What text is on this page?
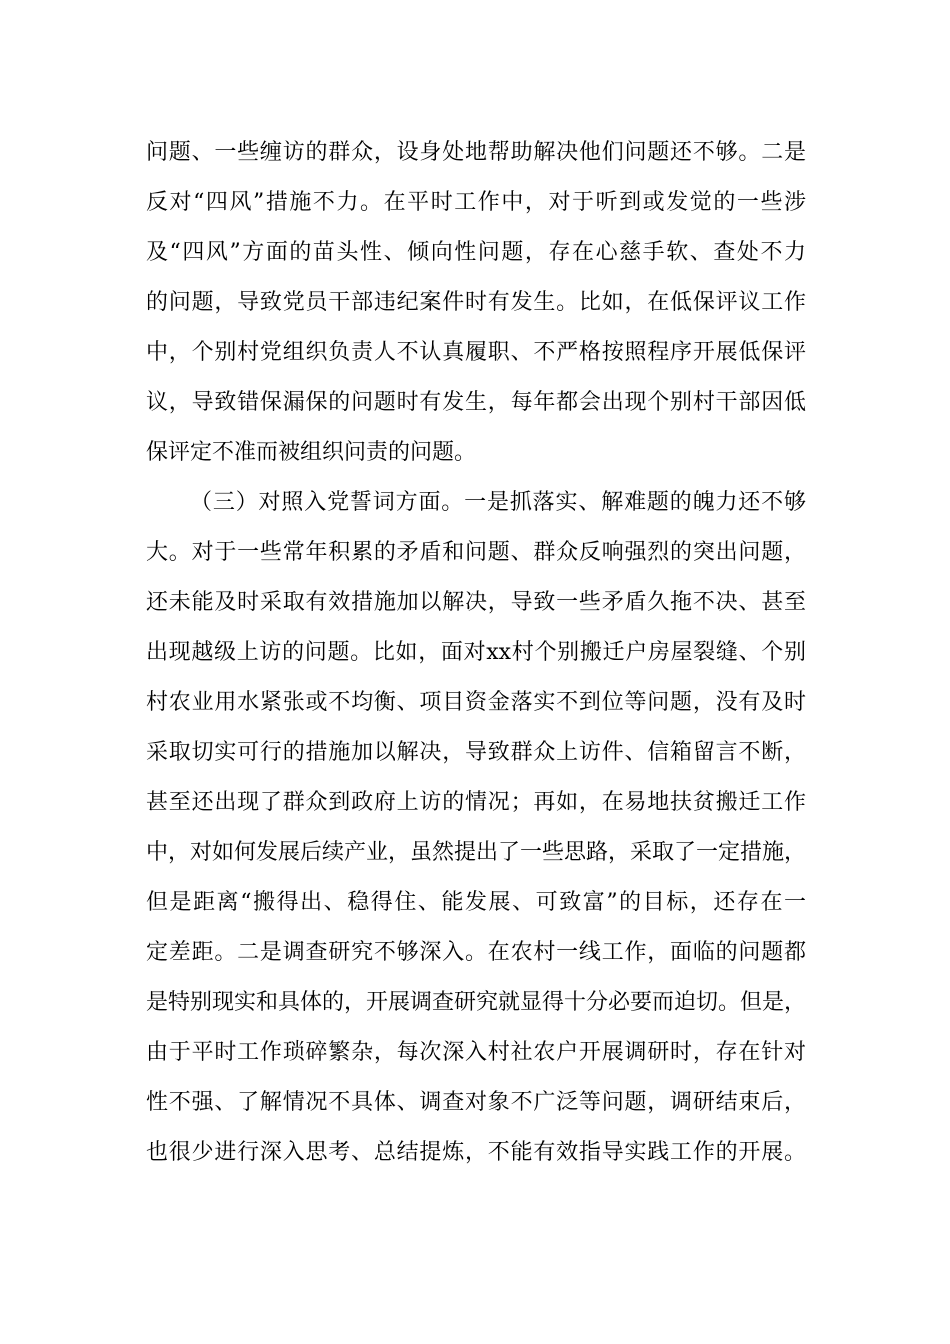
问题、一些缠访的群众，设身处地帮助解决他们问题还不够。二是
反对“四风”措施不力。在平时工作中，对于听到或发觉的一些涉
及“四风”方面的苗头性、倾向性问题，存在心慈手软、查处不力
的问题，导致党员干部违纪案件时有发生。比如，在低保评议工作
中，个别村党组织负责人不认真履职、不严格按照程序开展低保评
议，导致错保漏保的问题时有发生，每年都会出现个别村干部因低
保评定不准而被组织问责的问题。
（三）对照入党誓词方面。一是抓落实、解难题的魄力还不够
大。对于一些常年积累的矛盾和问题、群众反响强烈的突出问题，
还未能及时采取有效措施加以解决，导致一些矛盾久拖不决、甚至
出现越级上访的问题。比如，面对xx村个别搬迁户房屋裂缝、个别
村农业用水紧张或不均衡、项目资金落实不到位等问题，没有及时
采取切实可行的措施加以解决，导致群众上访件、信箱留言不断，
甚至还出现了群众到政府上访的情况；再如，在易地扶贫搬迁工作
中，对如何发展后续产业，虽然提出了一些思路，采取了一定措施，
但是距离“搬得出、稳得住、能发展、可致富”的目标，还存在一
定差距。二是调查研究不够深入。在农村一线工作，面临的问题都
是特别现实和具体的，开展调查研究就显得十分必要而迫切。但是，
由于平时工作琐碎繁杂，每次深入村社农户开展调研时，存在针对
性不强、了解情况不具体、调查对象不广泛等问题，调研结束后，
也很少进行深入思考、总结提炼，不能有效指导实践工作的开展。
